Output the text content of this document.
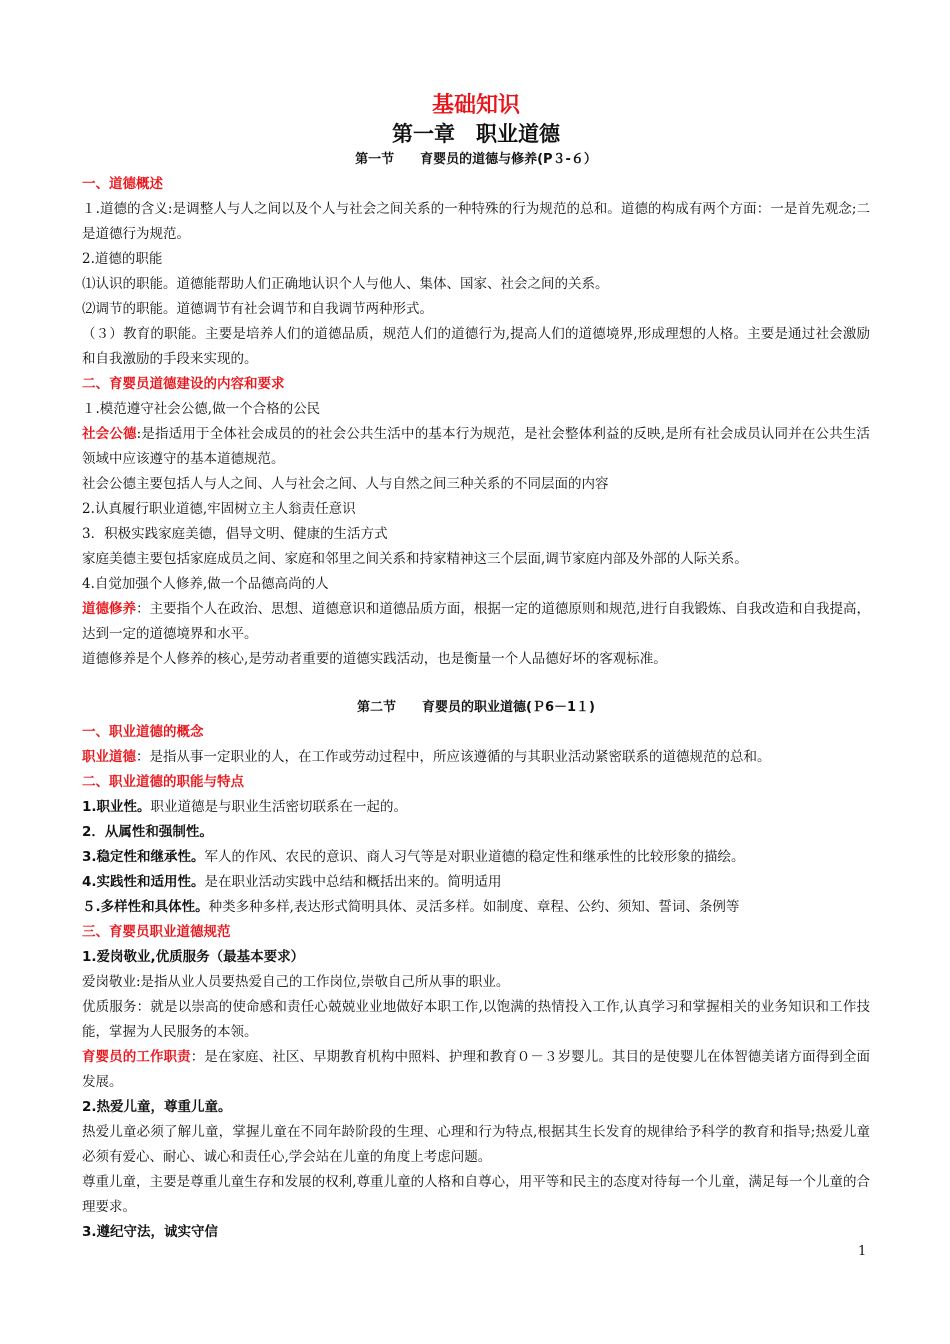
基础知识
第一章　职业道德
第一节　　育婴员的道德与修养(P３-６）
一、道德概述

１.道德的含义:是调整人与人之间以及个人与社会之间关系的一种特殊的行为规范的总和。道德的构成有两个方面：一是首先观念;二是道德行为规范。

2.道德的职能

⑴认识的职能。道德能帮助人们正确地认识个人与他人、集体、国家、社会之间的关系。

⑵调节的职能。道德调节有社会调节和自我调节两种形式。

（３）教育的职能。主要是培养人们的道德品质，规范人们的道德行为,提高人们的道德境界,形成理想的人格。主要是通过社会激励和自我激励的手段来实现的。

二、育婴员道德建设的内容和要求

１.模范遵守社会公德,做一个合格的公民

社会公德:是指适用于全体社会成员的的社会公共生活中的基本行为规范，是社会整体利益的反映,是所有社会成员认同并在公共生活领域中应该遵守的基本道德规范。

社会公德主要包括人与人之间、人与社会之间、人与自然之间三种关系的不同层面的内容

2.认真履行职业道德,牢固树立主人翁责任意识

3．积极实践家庭美德，倡导文明、健康的生活方式

家庭美德主要包括家庭成员之间、家庭和邻里之间关系和持家精神这三个层面,调节家庭内部及外部的人际关系。

4.自觉加强个人修养,做一个品德高尚的人

道德修养：主要指个人在政治、思想、道德意识和道德品质方面，根据一定的道德原则和规范,进行自我锻炼、自我改造和自我提高，达到一定的道德境界和水平。

道德修养是个人修养的核心,是劳动者重要的道德实践活动，也是衡量一个人品德好坏的客观标准。

第二节　　育婴员的职业道德(Ｐ6－1１)
一、职业道德的概念

职业道德：是指从事一定职业的人，在工作或劳动过程中，所应该遵循的与其职业活动紧密联系的道德规范的总和。

二、职业道德的职能与特点

1.职业性。职业道德是与职业生活密切联系在一起的。

2．从属性和强制性。

3.稳定性和继承性。军人的作风、农民的意识、商人习气等是对职业道德的稳定性和继承性的比较形象的描绘。

4.实践性和适用性。是在职业活动实践中总结和概括出来的。简明适用

５.多样性和具体性。种类多种多样,表达形式简明具体、灵活多样。如制度、章程、公约、须知、誓词、条例等

三、育婴员职业道德规范

1.爱岗敬业,优质服务（最基本要求）

爱岗敬业:是指从业人员要热爱自己的工作岗位,崇敬自己所从事的职业。

优质服务：就是以崇高的使命感和责任心兢兢业业地做好本职工作,以饱满的热情投入工作,认真学习和掌握相关的业务知识和工作技能，掌握为人民服务的本领。

育婴员的工作职责：是在家庭、社区、早期教育机构中照料、护理和教育０－３岁婴儿。其目的是使婴儿在体智德美诸方面得到全面发展。

2.热爱儿童，尊重儿童。

热爱儿童必须了解儿童，掌握儿童在不同年龄阶段的生理、心理和行为特点,根据其生长发育的规律给予科学的教育和指导;热爱儿童必须有爱心、耐心、诚心和责任心,学会站在儿童的角度上考虑问题。

尊重儿童，主要是尊重儿童生存和发展的权利,尊重儿童的人格和自尊心，用平等和民主的态度对待每一个儿童，满足每一个儿童的合理要求。

3.遵纪守法，诚实守信

1
